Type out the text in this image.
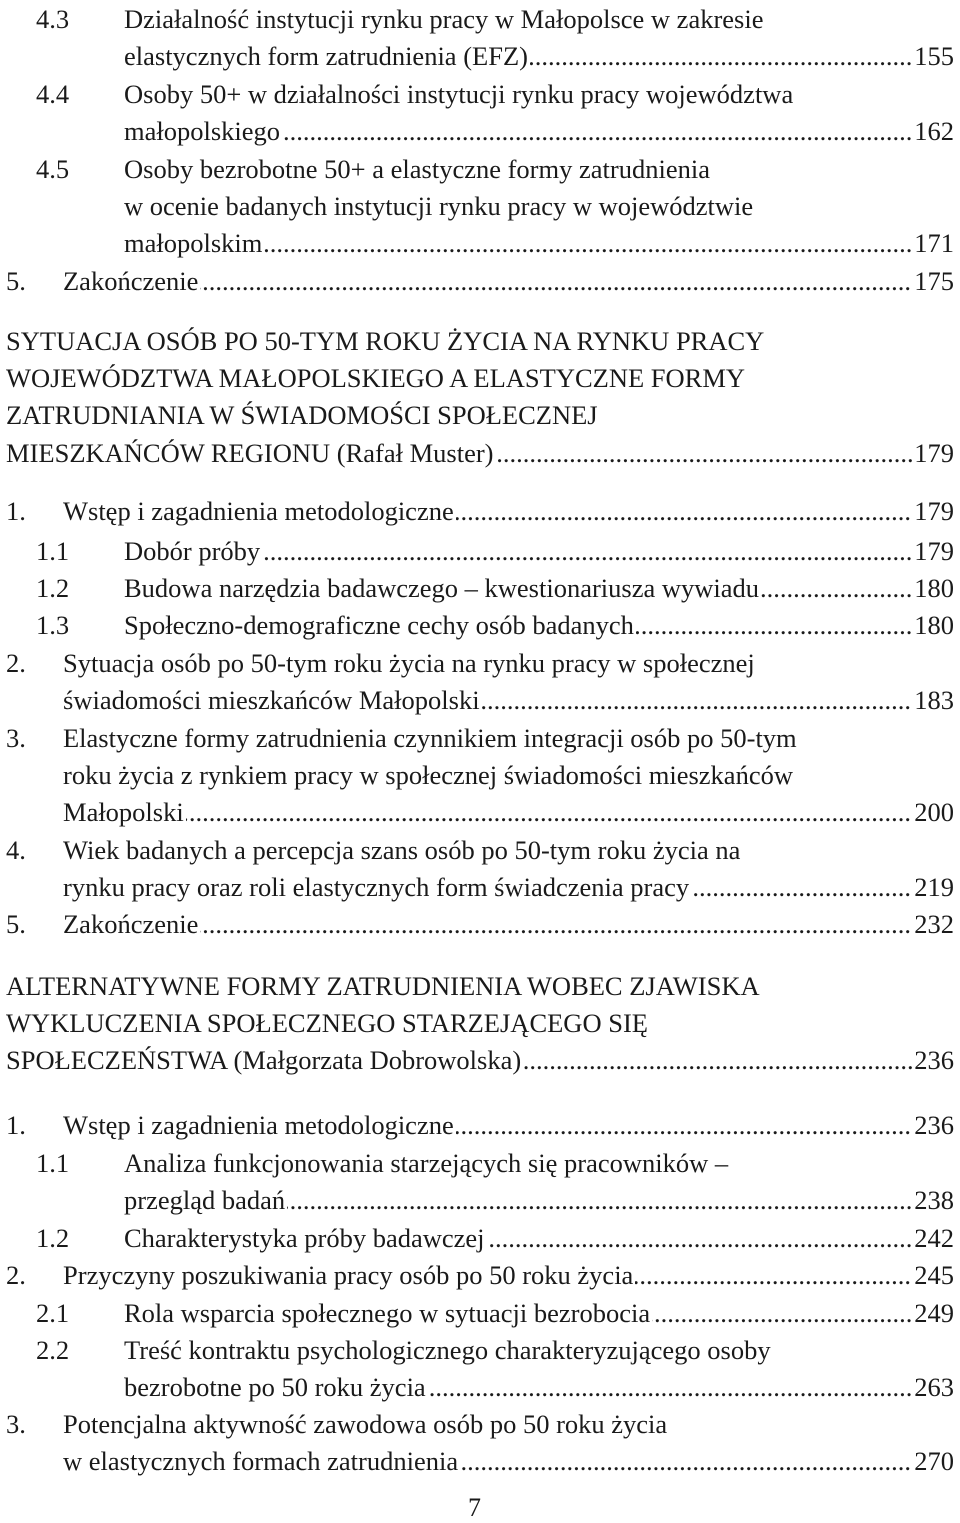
4.3 Działalność instytucji rynku pracy w Małopolsce w zakresie
.....
elastycznych form zatrudnienia (EFZ)	155
4.4 Osoby 50+ w działalności instytucji rynku pracy województwa
.....
małopolskiego	162
4.5 Osoby bezrobotne 50+ a elastyczne formy zatrudnienia
w ocenie badanych instytucji rynku pracy w województwie
.....
małopolskim	171
5. ..... Zakończenie	175
SYTUACJA OSÓB PO 50-TYM ROKU ŻYCIA NA RYNKU PRACY
WOJEWÓDZTWA MAŁOPOLSKIEGO A ELASTYCZNE FORMY
ZATRUDNIANIA W ŚWIADOMOŚCI SPOŁECZNEJ
.....
MIESZKAŃCÓW REGIONU (Rafał Muster)	179
1. ..... Wstęp i zagadnienia metodologiczne	179
1.1 ..... Dobór próby	179
1.2 ..... Budowa narzędzia badawczego – kwestionariusza wywiadu	180
1.3 ..... Społeczno-demograficzne cechy osób badanych	180
2. Sytuacja osób po 50-tym roku życia na rynku pracy w społecznej
.....
świadomości mieszkańców Małopolski	183
3. Elastyczne formy zatrudnienia czynnikiem integracji osób po 50-tym
roku życia z rynkiem pracy w społecznej świadomości mieszkańców
.....
Małopolski	200
4. Wiek badanych a percepcja szans osób po 50-tym roku życia na
.....
rynku pracy oraz roli elastycznych form świadczenia pracy	219
5. ..... Zakończenie	232
ALTERNATYWNE FORMY ZATRUDNIENIA WOBEC ZJAWISKA
WYKLUCZENIA SPOŁECZNEGO STARZEJĄCEGO SIĘ
.....
SPOŁECZEŃSTWA (Małgorzata Dobrowolska)	236
1. ..... Wstęp i zagadnienia metodologiczne	236
1.1 Analiza funkcjonowania starzejących się pracowników –
.....
przegląd badań	238
1.2 ..... Charakterystyka próby badawczej	242
2. ..... Przyczyny poszukiwania pracy osób po 50 roku życia	245
2.1 ..... Rola wsparcia społecznego w sytuacji bezrobocia	249
2.2 Treść kontraktu psychologicznego charakteryzującego osoby
.....
bezrobotne po 50 roku życia	263
3. Potencjalna aktywność zawodowa osób po 50 roku życia
.....
w elastycznych formach zatrudnienia	270
7
